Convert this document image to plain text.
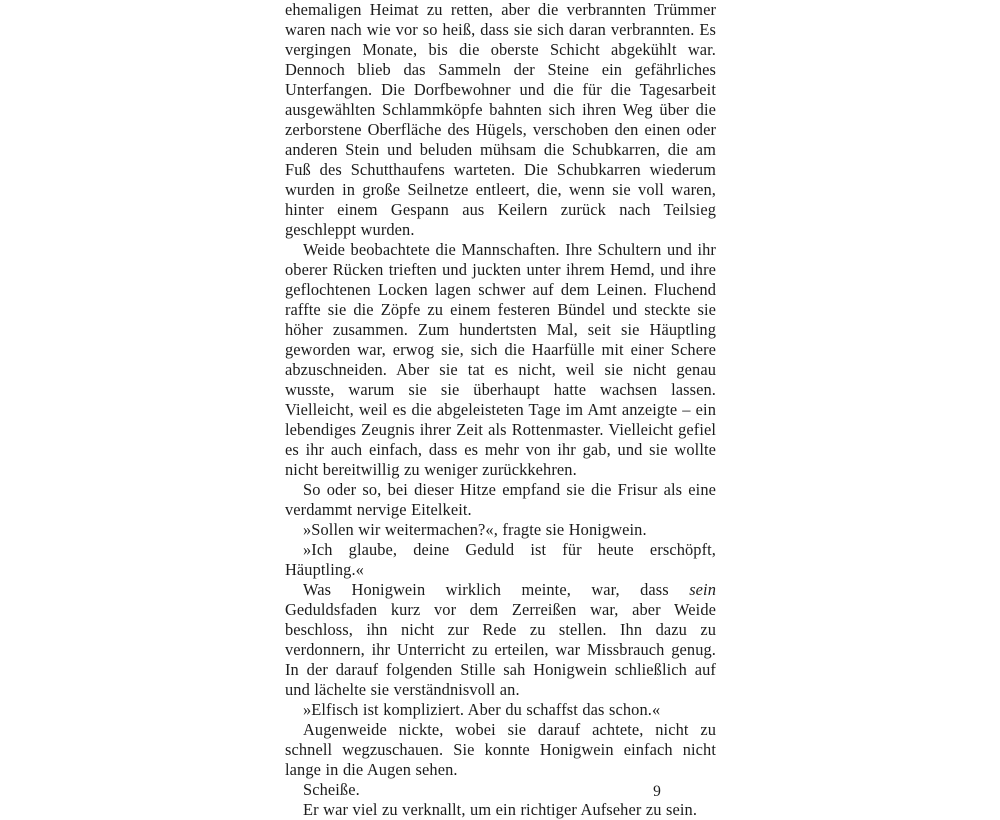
ehemaligen Heimat zu retten, aber die verbrannten Trümmer waren nach wie vor so heiß, dass sie sich daran verbrannten. Es vergingen Monate, bis die oberste Schicht abgekühlt war. Dennoch blieb das Sammeln der Steine ein gefährliches Unterfangen. Die Dorfbewohner und die für die Tagesarbeit ausgewählten Schlammköpfe bahnten sich ihren Weg über die zerborstene Oberfläche des Hügels, verschoben den einen oder anderen Stein und beluden mühsam die Schubkarren, die am Fuß des Schutthaufens warteten. Die Schubkarren wiederum wurden in große Seilnetze entleert, die, wenn sie voll waren, hinter einem Gespann aus Keilern zurück nach Teilsieg geschleppt wurden.

Weide beobachtete die Mannschaften. Ihre Schultern und ihr oberer Rücken trieften und juckten unter ihrem Hemd, und ihre geflochtenen Locken lagen schwer auf dem Leinen. Fluchend raffte sie die Zöpfe zu einem festeren Bündel und steckte sie höher zusammen. Zum hundertsten Mal, seit sie Häuptling geworden war, erwog sie, sich die Haarfülle mit einer Schere abzuschneiden. Aber sie tat es nicht, weil sie nicht genau wusste, warum sie sie überhaupt hatte wachsen lassen. Vielleicht, weil es die abgeleisteten Tage im Amt anzeigte – ein lebendiges Zeugnis ihrer Zeit als Rottenmaster. Vielleicht gefiel es ihr auch einfach, dass es mehr von ihr gab, und sie wollte nicht bereitwillig zu weniger zurückkehren.

So oder so, bei dieser Hitze empfand sie die Frisur als eine verdammt nervige Eitelkeit.

»Sollen wir weitermachen?«, fragte sie Honigwein.

»Ich glaube, deine Geduld ist für heute erschöpft, Häuptling.«

Was Honigwein wirklich meinte, war, dass sein Geduldsfaden kurz vor dem Zerreißen war, aber Weide beschloss, ihn nicht zur Rede zu stellen. Ihn dazu zu verdonnern, ihr Unterricht zu erteilen, war Missbrauch genug. In der darauf folgenden Stille sah Honigwein schließlich auf und lächelte sie verständnisvoll an.

»Elfisch ist kompliziert. Aber du schaffst das schon.«

Augenweide nickte, wobei sie darauf achtete, nicht zu schnell wegzuschauen. Sie konnte Honigwein einfach nicht lange in die Augen sehen.

Scheiße.

Er war viel zu verknallt, um ein richtiger Aufseher zu sein.

9
